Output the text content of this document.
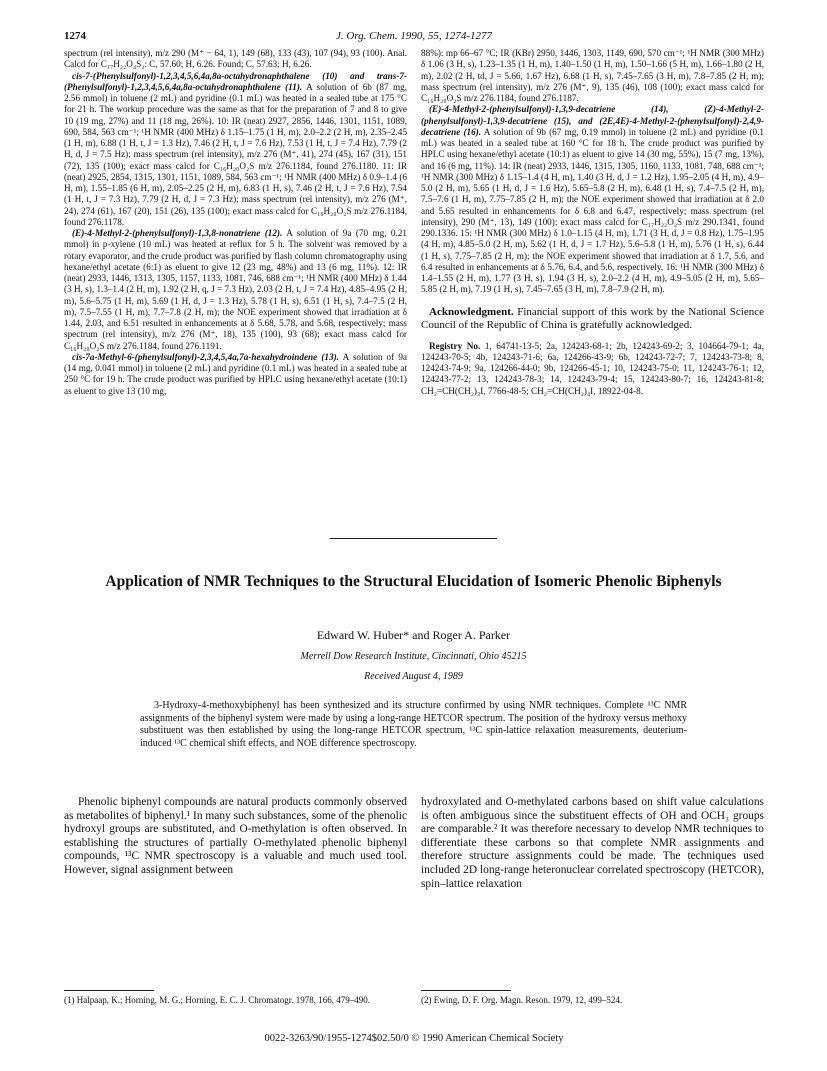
1274	J. Org. Chem. 1990, 55, 1274-1277

spectrum (rel intensity), m/z 290 (M⁺ − 64, 1), 149 (68), 133 (43), 107 (94), 93 (100). Anal. Calcd for C₁₇H₂₂O₄S₂: C, 57.60; H, 6.26. Found; C, 57.63; H, 6.26.

cis-7-(Phenylsulfonyl)-1,2,3,4,5,6,4a,8a-octahydronaphthalene (10) and trans-7-(Phenylsulfonyl)-1,2,3,4,5,6,4a,8a-octahydronaphthalene (11). A solution of 6b (87 mg, 2.56 mmol) in toluene (2 mL) and pyridine (0.1 mL) was heated in a sealed tube at 175 °C for 21 h. The workup procedure was the same as that for the preparation of 7 and 8 to give 10 (19 mg, 27%) and 11 (18 mg, 26%). 10: IR (neat) 2927, 2856, 1446, 1301, 1151, 1089, 690, 584, 563 cm⁻¹; ¹H NMR (400 MHz) δ 1.15–1.75 (1 H, m), 2.0–2.2 (2 H, m), 2.35–2.45 (1 H, m), 6.88 (1 H, t, J = 1.3 Hz), 7.46 (2 H, t, J = 7.6 Hz), 7.53 (1 H, t, J = 7.4 Hz), 7.79 (2 H, d, J = 7.5 Hz); mass spectrum (rel intensity), m/z 276 (M⁺, 41), 274 (45), 167 (31), 151 (72), 135 (100); exact mass calcd for C₁₆H₂₀O₂S m/z 276.1184, found 276.1180. 11: IR (neat) 2925, 2854, 1315, 1301, 1151, 1089, 584, 563 cm⁻¹; ¹H NMR (400 MHz) δ 0.9–1.4 (6 H, m), 1.55–1.85 (6 H, m), 2.05–2.25 (2 H, m), 6.83 (1 H, s), 7.46 (2 H, t, J = 7.6 Hz), 7.54 (1 H, t, J = 7.3 Hz), 7.79 (2 H, d, J = 7.3 Hz); mass spectrum (rel intensity), m/z 276 (M⁺, 24), 274 (61), 167 (20), 151 (26), 135 (100); exact mass calcd for C₁₆H₂₀O₂S m/z 276.1184, found 276.1178.

(E)-4-Methyl-2-(phenylsulfonyl)-1,3,8-nonatriene (12). A solution of 9a (70 mg, 0.21 mmol) in p-xylene (10 mL) was heated at reflux for 5 h. The solvent was removed by a rotary evaporator, and the crude product was purified by flash column chromatography using hexane/ethyl acetate (6:1) as eluent to give 12 (23 mg, 48%) and 13 (6 mg, 11%). 12: IR (neat) 2933, 1446, 1313, 1305, 1157, 1133, 1081, 746, 688 cm⁻¹; ¹H NMR (400 MHz) δ 1.44 (3 H, s), 1.3–1.4 (2 H, m), 1.92 (2 H, q, J = 7.3 Hz), 2.03 (2 H, t, J = 7.4 Hz), 4.85–4.95 (2 H, m), 5.6–5.75 (1 H, m), 5.69 (1 H, d, J = 1.3 Hz), 5.78 (1 H, s), 6.51 (1 H, s), 7.4–7.5 (2 H, m), 7.5–7.55 (1 H, m), 7.7–7.8 (2 H, m); the NOE experiment showed that irradiation at δ 1.44, 2.03, and 6.51 resulted in enhancements at δ 5.68, 5.78, and 5.68, respectively; mass spectrum (rel intensity), m/z 276 (M⁺, 18), 135 (100), 93 (68); exact mass calcd for C₁₆H₂₀O₂S m/z 276.1184, found 276.1191.

cis-7a-Methyl-6-(phenylsulfonyl)-2,3,4,5,4a,7a-hexahydroindene (13). A solution of 9a (14 mg, 0.041 mmol) in toluene (2 mL) and pyridine (0.1 mL) was heated in a sealed tube at 250 °C for 19 h. The crude product was purified by HPLC using hexane/ethyl acetate (10:1) as eluent to give 13 (10 mg,

88%): mp 66–67 °C; IR (KBr) 2950, 1446, 1303, 1149, 690, 570 cm⁻¹; ¹H NMR (300 MHz) δ 1.06 (3 H, s), 1.23–1.35 (1 H, m), 1.40–1.50 (1 H, m), 1.50–1.66 (5 H, m), 1.66–1.80 (2 H, m), 2.02 (2 H, td, J = 5.66, 1.67 Hz), 6.68 (1 H, s), 7.45–7.65 (3 H, m), 7.8–7.85 (2 H, m); mass spectrum (rel intensity), m/z 276 (M⁺, 9), 135 (46), 108 (100); exact mass calcd for C₁₆H₂₀O₂S m/z 276.1184, found 276.1187.

(E)-4-Methyl-2-(phenylsulfonyl)-1,3,9-decatriene (14), (Z)-4-Methyl-2-(phenylsulfonyl)-1,3,9-decatriene (15), and (2E,4E)-4-Methyl-2-(phenylsulfonyl)-2,4,9-decatriene (16). A solution of 9b (67 mg, 0.19 mmol) in toluene (2 mL) and pyridine (0.1 mL) was heated in a sealed tube at 160 °C for 18 h. The crude product was purified by HPLC using hexane/ethyl acetate (10:1) as eluent to give 14 (30 mg, 55%), 15 (7 mg, 13%), and 16 (6 mg, 11%). 14: IR (neat) 2933, 1446, 1315, 1305, 1160, 1133, 1081, 748, 688 cm⁻¹; ¹H NMR (300 MHz) δ 1.15–1.4 (4 H, m), 1.40 (3 H, d, J = 1.2 Hz), 1.95–2.05 (4 H, m), 4.9–5.0 (2 H, m), 5.65 (1 H, d, J = 1.6 Hz), 5.65–5.8 (2 H, m), 6.48 (1 H, s), 7.4–7.5 (2 H, m), 7.5–7.6 (1 H, m), 7.75–7.85 (2 H, m); the NOE experiment showed that irradiation at δ 2.0 and 5.65 resulted in enhancements for δ 6.8 and 6.47, respectively; mass spectrum (rel intensity), 290 (M⁺, 13), 149 (100); exact mass calcd for C₁₇H₂₂O₂S m/z 290.1341, found 290.1336. 15: ¹H NMR (300 MHz) δ 1.0–1.15 (4 H, m), 1.71 (3 H, d, J = 0.8 Hz), 1.75–1.95 (4 H, m), 4.85–5.0 (2 H, m), 5.62 (1 H, d, J = 1.7 Hz), 5.6–5.8 (1 H, m), 5.76 (1 H, s), 6.44 (1 H, s), 7.75–7.85 (2 H, m); the NOE experiment showed that irradiation at δ 1.7, 5.6, and 6.4 resulted in enhancements at δ 5.76, 6.4, and 5.6, respectively. 16: ¹H NMR (300 MHz) δ 1.4–1.55 (2 H, m), 1.77 (3 H, s), 1.94 (3 H, s), 2.0–2.2 (4 H, m), 4.9–5.05 (2 H, m), 5.65–5.85 (2 H, m), 7.19 (1 H, s), 7.45–7.65 (3 H, m), 7.8–7.9 (2 H, m).

Acknowledgment. Financial support of this work by the National Science Council of the Republic of China is gratefully acknowledged.

Registry No. 1, 64741-13-5; 2a, 124243-68-1; 2b, 124243-69-2; 3, 104664-79-1; 4a, 124243-70-5; 4b, 124243-71-6; 6a, 124266-43-9; 6b, 124243-72-7; 7, 124243-73-8; 8, 124243-74-9; 9a, 124266-44-0; 9b, 124266-45-1; 10, 124243-75-0; 11, 124243-76-1; 12, 124243-77-2; 13, 124243-78-3; 14, 124243-79-4; 15, 124243-80-7; 16, 124243-81-8; CH₂=CH(CH₂)₃I, 7766-48-5; CH₂=CH(CH₂)₄I, 18922-04-8.

Application of NMR Techniques to the Structural Elucidation of Isomeric Phenolic Biphenyls
Edward W. Huber* and Roger A. Parker
Merrell Dow Research Institute, Cincinnati, Ohio 45215
Received August 4, 1989

3-Hydroxy-4-methoxybiphenyl has been synthesized and its structure confirmed by using NMR techniques. Complete ¹³C NMR assignments of the biphenyl system were made by using a long-range HETCOR spectrum. The position of the hydroxy versus methoxy substituent was then established by using the long-range HETCOR spectrum, ¹³C spin-lattice relaxation measurements, deuterium-induced ¹³C chemical shift effects, and NOE difference spectroscopy.

Phenolic biphenyl compounds are natural products commonly observed as metabolites of biphenyl.¹ In many such substances, some of the phenolic hydroxyl groups are substituted, and O-methylation is often observed. In establishing the structures of partially O-methylated phenolic biphenyl compounds, ¹³C NMR spectroscopy is a valuable and much used tool. However, signal assignment between

hydroxylated and O-methylated carbons based on shift value calculations is often ambiguous since the substituent effects of OH and OCH₃ groups are comparable.² It was therefore necessary to develop NMR techniques to differentiate these carbons so that complete NMR assignments and therefore structure assignments could be made. The techniques used included 2D long-range heteronuclear correlated spectroscopy (HETCOR), spin–lattice relaxation

(1) Halpaap, K.; Horning, M. G.; Horning, E. C. J. Chromatogr. 1978, 166, 479–490.	(2) Ewing, D. F. Org. Magn. Reson. 1979, 12, 499–524.
0022-3263/90/1955-1274$02.50/0 © 1990 American Chemical Society
